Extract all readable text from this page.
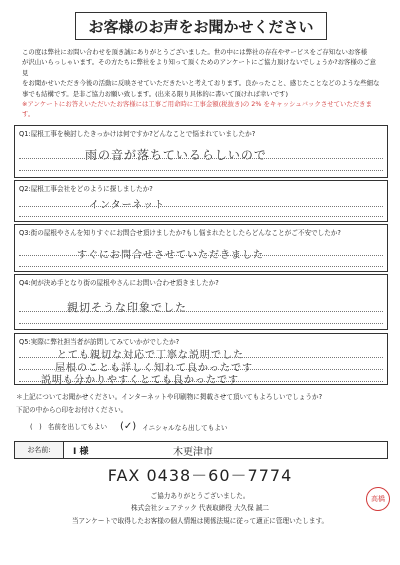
お客様のお声をお聞かせください

この度は弊社にお問い合わせを頂き誠にありがとうございました。世の中には弊社の存在やサービスをご存知ないお客様

が沢山いらっしゃいます。その方たちに弊社をより知って頂くためのアンケートにご協力頂けないでしょうか?お客様のご意見

をお聞かせいただき今後の活動に反映させていただきたいと考えております。良かったこと、感じたことなどのような些細な

事でも結構です。是非ご協力お願い致します。(出来る限り具体的に書いて頂ければ幸いです)

※アンケートにお答えいただいたお客様には工事ご用命時に工事金額(税抜き)の 2% をキャッシュバックさせていただきます。

Q1:屋根工事を検討したきっかけは何ですか?どんなことで悩まれていましたか?
雨の音が落ちているらしいので
Q2:屋根工事会社をどのように探しましたか?
インターネット
Q3:街の屋根やさんを知りすぐにお問合せ頂けましたか?もし悩まれたとしたらどんなことがご不安でしたか?
すぐにお問合せさせていただきました
Q4:何が決め手となり街の屋根やさんにお問い合わせ頂きましたか?
親切そうな印象でした
Q5:実際に弊社担当者が訪問してみていかがでしたか?
とても親切な対応で丁寧な説明でした
屋根のことも詳しく知れて良かったです
説明も分かりやすくとても良かったです
＊上記についてお聞かせください。インターネットや印刷物に掲載させて頂いてもよろしいでしょうか?
下記の中から○印をお付けください。
(　) 名前を出してもよい (✓) イニシャルなら出してもよい
お名前:	I 様	木更津市
FAX 0438－60－7774
ご協力ありがとうございました。
株式会社シェアテック 代表取締役 大久保 誠二
当アンケートで取得したお客様の個人情報は関係法規に従って適正に管理いたします。
高橋
